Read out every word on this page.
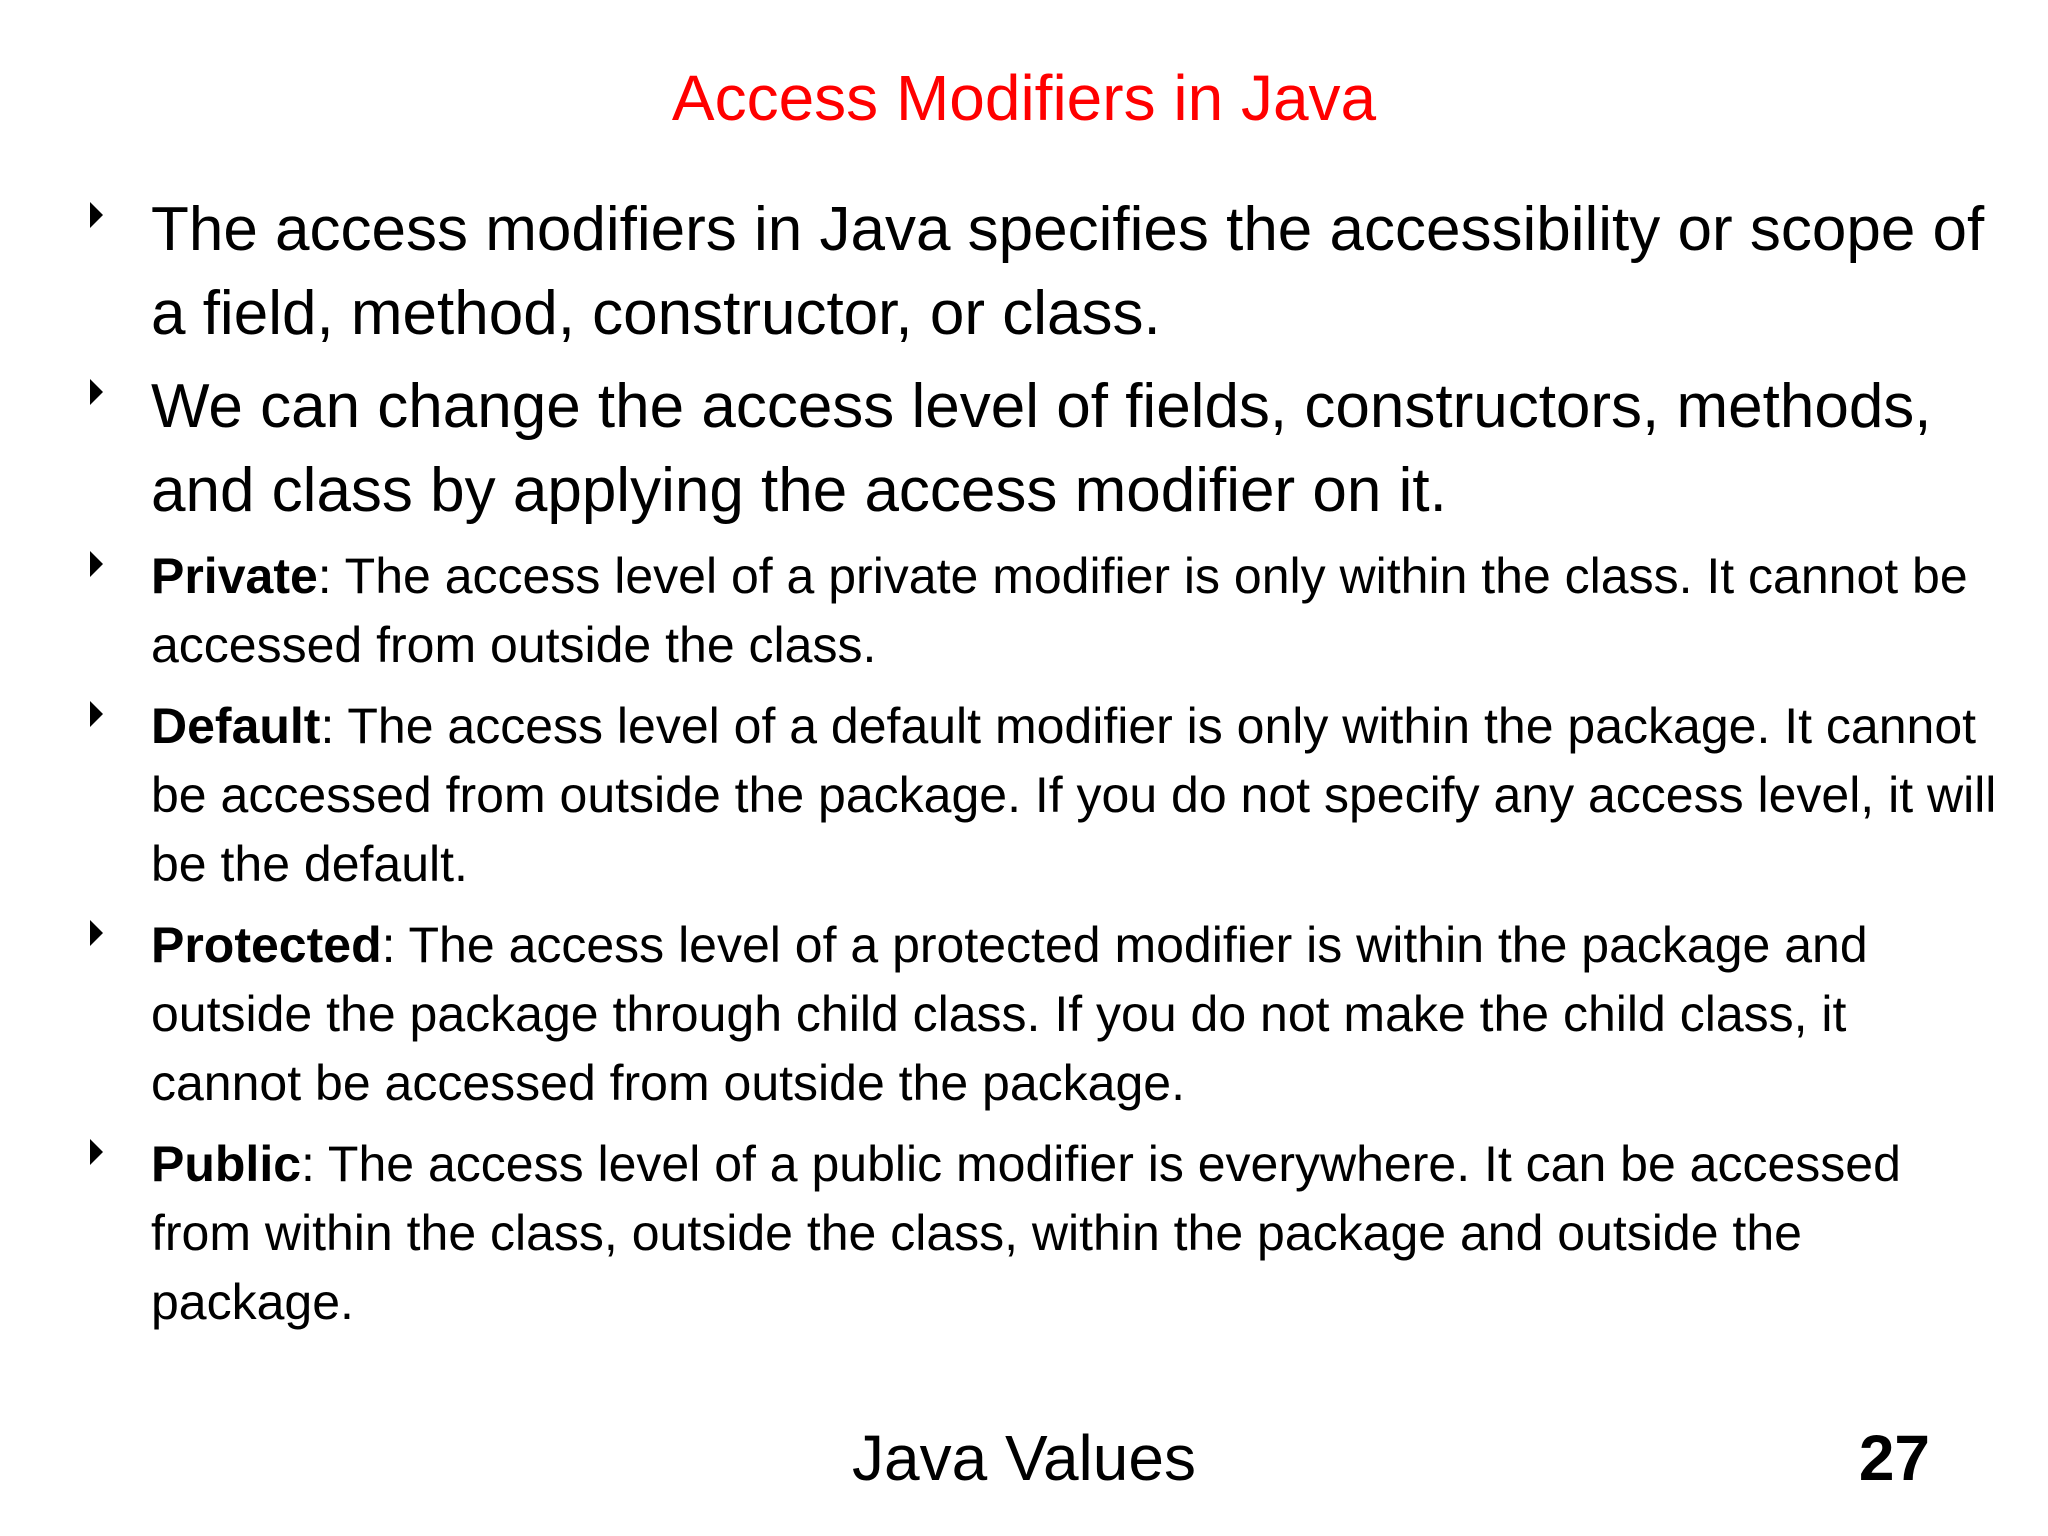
Access Modifiers in Java
The access modifiers in Java specifies the accessibility or scope of a field, method, constructor, or class.
We can change the access level of fields, constructors, methods, and class by applying the access modifier on it.
Private: The access level of a private modifier is only within the class. It cannot be accessed from outside the class.
Default: The access level of a default modifier is only within the package. It cannot be accessed from outside the package. If you do not specify any access level, it will be the default.
Protected: The access level of a protected modifier is within the package and outside the package through child class. If you do not make the child class, it cannot be accessed from outside the package.
Public: The access level of a public modifier is everywhere. It can be accessed from within the class, outside the class, within the package and outside the package.
Java Values	27
